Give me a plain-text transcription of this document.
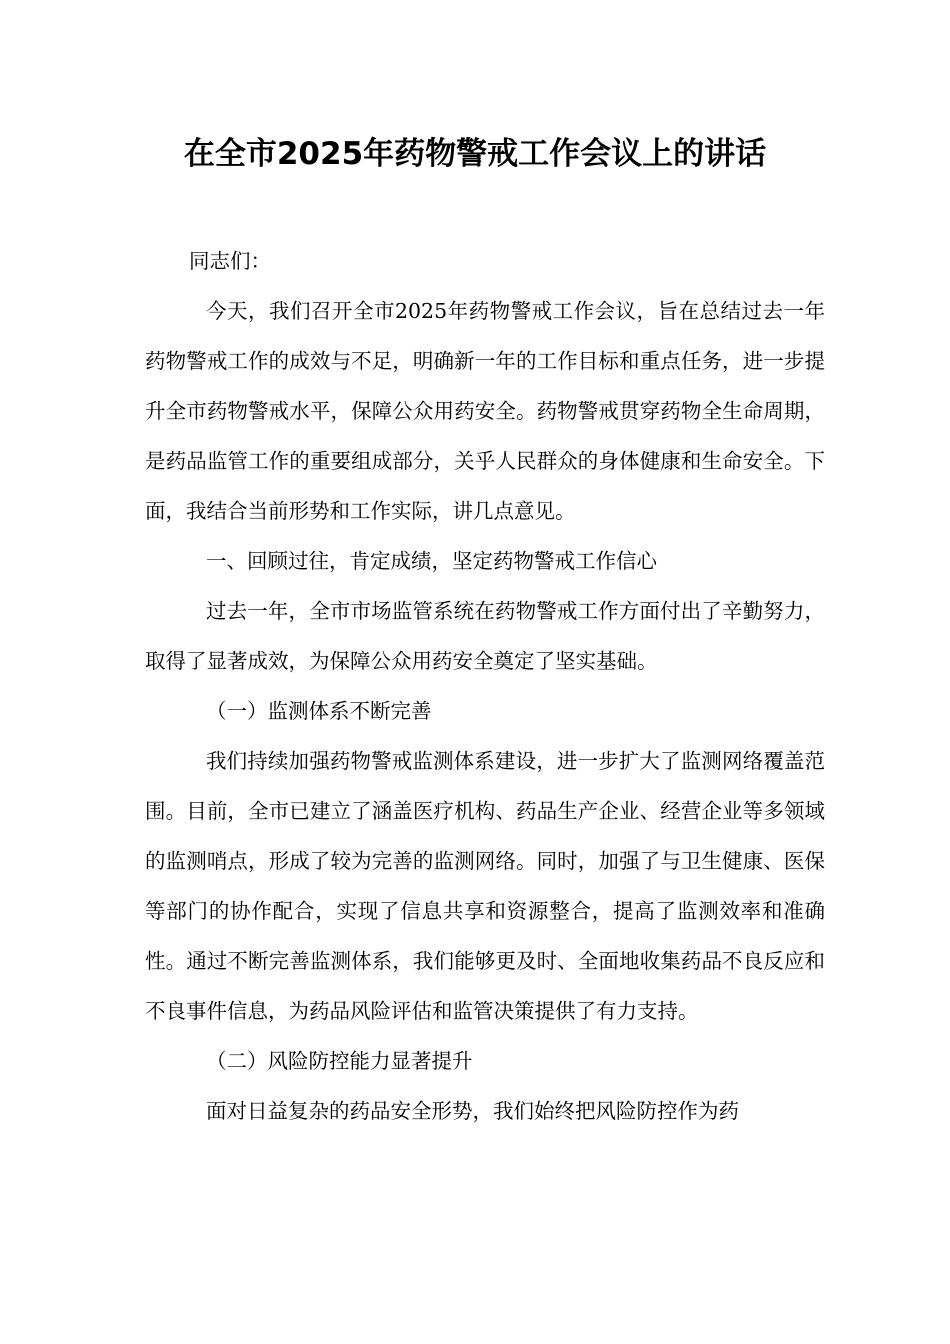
在全市2025年药物警戒工作会议上的讲话

同志们：

今天，我们召开全市2025年药物警戒工作会议，旨在总结过去一年药物警戒工作的成效与不足，明确新一年的工作目标和重点任务，进一步提升全市药物警戒水平，保障公众用药安全。药物警戒贯穿药物全生命周期，是药品监管工作的重要组成部分，关乎人民群众的身体健康和生命安全。下面，我结合当前形势和工作实际，讲几点意见。

一、回顾过往，肯定成绩，坚定药物警戒工作信心

过去一年，全市市场监管系统在药物警戒工作方面付出了辛勤努力，取得了显著成效，为保障公众用药安全奠定了坚实基础。

（一）监测体系不断完善

我们持续加强药物警戒监测体系建设，进一步扩大了监测网络覆盖范围。目前，全市已建立了涵盖医疗机构、药品生产企业、经营企业等多领域的监测哨点，形成了较为完善的监测网络。同时，加强了与卫生健康、医保等部门的协作配合，实现了信息共享和资源整合，提高了监测效率和准确性。通过不断完善监测体系，我们能够更及时、全面地收集药品不良反应和不良事件信息，为药品风险评估和监管决策提供了有力支持。

（二）风险防控能力显著提升

面对日益复杂的药品安全形势，我们始终把风险防控作为药
